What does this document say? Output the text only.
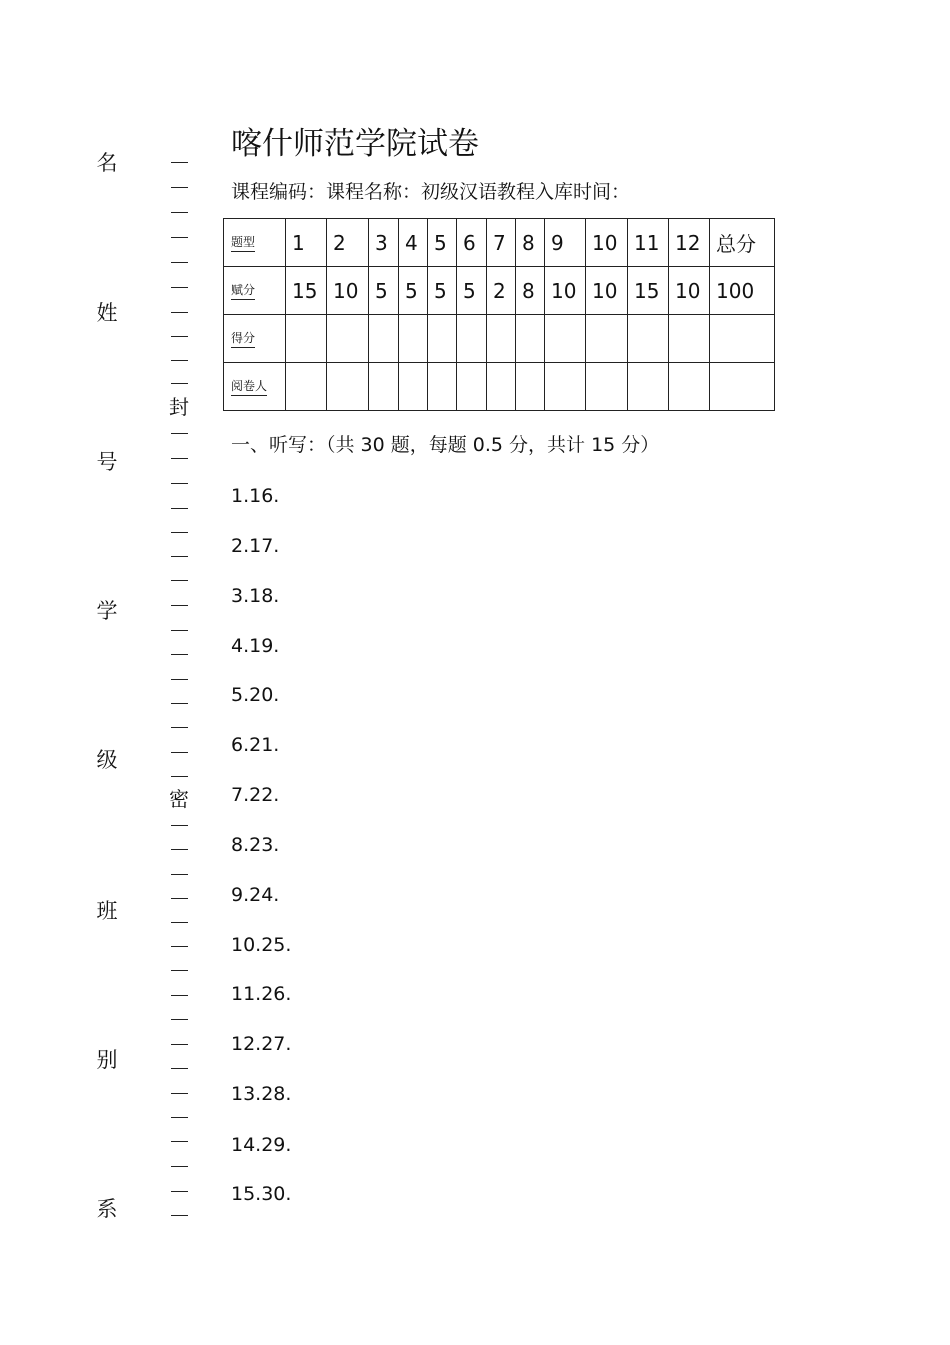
名
姓
号
学
级
班
别
系
封
密
喀什师范学院试卷
课程编码：课程名称：初级汉语教程入库时间：
题型	1	2	3	4	5	6	7	8	9	10	11	12	总分
赋分	15	10	5	5	5	5	2	8	10	10	15	10	100
得分													
阅卷人													
一、听写：（共 30 题，每题 0.5 分，共计 15 分）
1.16.
2.17.
3.18.
4.19.
5.20.
6.21.
7.22.
8.23.
9.24.
10.25.
11.26.
12.27.
13.28.
14.29.
15.30.
